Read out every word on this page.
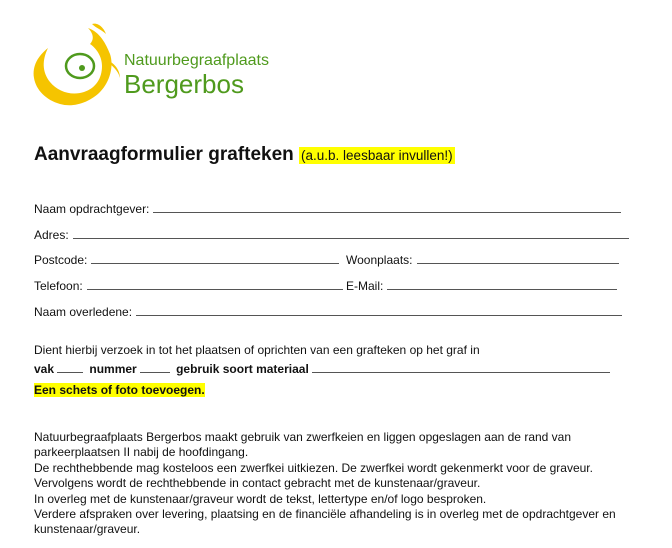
Natuurbegraafplaats
Bergerbos
Aanvraagformulier grafteken (a.u.b. leesbaar invullen!)
Naam opdrachtgever:
Adres:
Postcode:	Woonplaats:
Telefoon:	E-Mail:
Naam overledene:
Dient hierbij verzoek in tot het plaatsen of oprichten van een grafteken op het graf in
vak	nummer	gebruik soort materiaal
Een schets of foto toevoegen.
Natuurbegraafplaats Bergerbos maakt gebruik van zwerfkeien en liggen opgeslagen aan de rand van
parkeerplaatsen II nabij de hoofdingang.
De rechthebbende mag kosteloos een zwerfkei uitkiezen. De zwerfkei wordt gekenmerkt voor de graveur.
Vervolgens wordt de rechthebbende in contact gebracht met de kunstenaar/graveur.
In overleg met de kunstenaar/graveur wordt de tekst, lettertype en/of logo besproken.
Verdere afspraken over levering, plaatsing en de financiële afhandeling is in overleg met de opdrachtgever en
kunstenaar/graveur.
